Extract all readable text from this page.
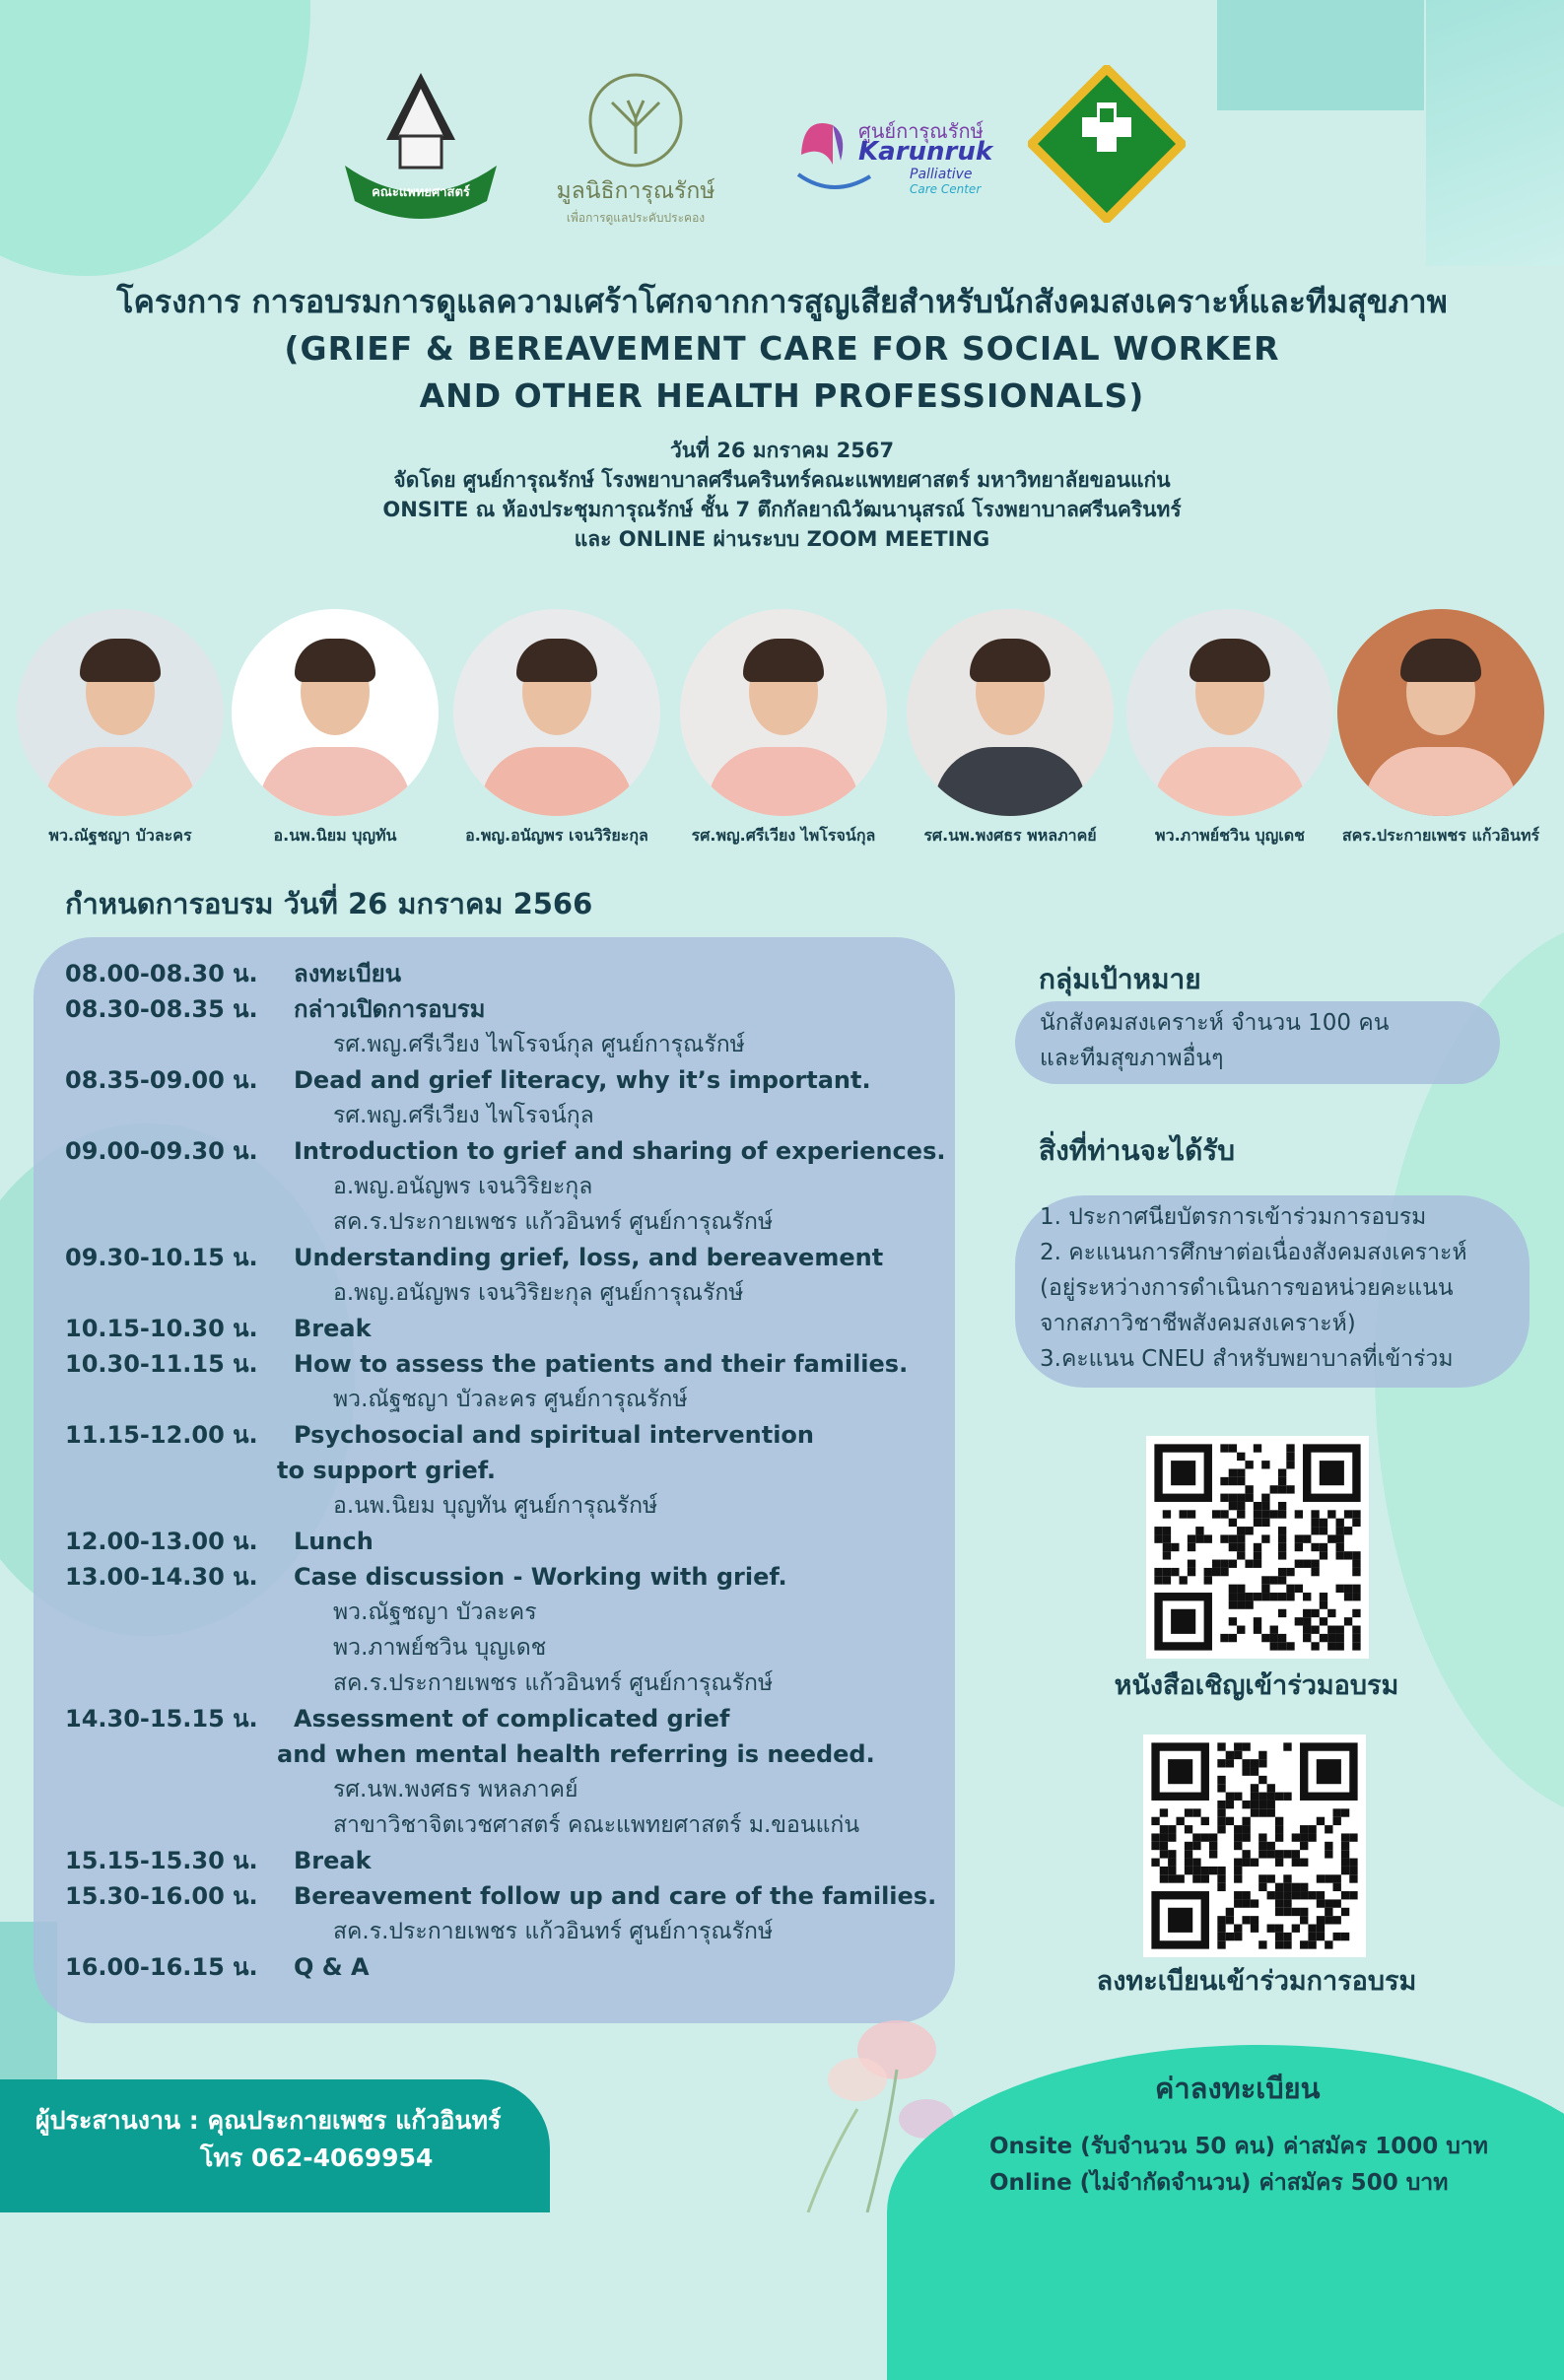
คณะแพทยศาสตร์	มูลนิธิการุณรักษ์
เพื่อการดูแลประคับประคอง
ศูนย์การุณรักษ์
Karunruk
Palliative
Care Center
โครงการ การอบรมการดูแลความเศร้าโศกจากการสูญเสียสำหรับนักสังคมสงเคราะห์และทีมสุขภาพ
(GRIEF & BEREAVEMENT CARE FOR SOCIAL WORKER
AND OTHER HEALTH PROFESSIONALS)
วันที่ 26 มกราคม 2567
จัดโดย ศูนย์การุณรักษ์ โรงพยาบาลศรีนครินทร์คณะแพทยศาสตร์ มหาวิทยาลัยขอนแก่น
ONSITE ณ ห้องประชุมการุณรักษ์ ชั้น 7 ตึกกัลยาณิวัฒนานุสรณ์ โรงพยาบาลศรีนครินทร์
และ ONLINE ผ่านระบบ ZOOM MEETING
พว.ณัฐชญา บัวละคร	อ.นพ.นิยม บุญทัน	อ.พญ.อนัญพร เจนวิริยะกุล	รศ.พญ.ศรีเวียง ไพโรจน์กุล	รศ.นพ.พงศธร พหลภาคย์	พว.ภาพย์ชวิน บุญเดช	สคร.ประกายเพชร แก้วอินทร์
กำหนดการอบรม วันที่ 26 มกราคม 2566
08.00-08.30 น. ลงทะเบียน
08.30-08.35 น. กล่าวเปิดการอบรม
รศ.พญ.ศรีเวียง ไพโรจน์กุล ศูนย์การุณรักษ์
08.35-09.00 น. Dead and grief literacy, why it’s important.
รศ.พญ.ศรีเวียง ไพโรจน์กุล
09.00-09.30 น. Introduction to grief and sharing of experiences.
อ.พญ.อนัญพร เจนวิริยะกุล
สค.ร.ประกายเพชร แก้วอินทร์ ศูนย์การุณรักษ์
09.30-10.15 น. Understanding grief, loss, and bereavement
อ.พญ.อนัญพร เจนวิริยะกุล ศูนย์การุณรักษ์
10.15-10.30 น. Break
10.30-11.15 น. How to assess the patients and their families.
พว.ณัฐชญา บัวละคร ศูนย์การุณรักษ์
11.15-12.00 น. Psychosocial and spiritual intervention
to support grief.
อ.นพ.นิยม บุญทัน ศูนย์การุณรักษ์
12.00-13.00 น. Lunch
13.00-14.30 น. Case discussion - Working with grief.
พว.ณัฐชญา บัวละคร
พว.ภาพย์ชวิน บุญเดช
สค.ร.ประกายเพชร แก้วอินทร์ ศูนย์การุณรักษ์
14.30-15.15 น. Assessment of complicated grief
and when mental health referring is needed.
รศ.นพ.พงศธร พหลภาคย์
สาขาวิชาจิตเวชศาสตร์ คณะแพทยศาสตร์ ม.ขอนแก่น
15.15-15.30 น. Break
15.30-16.00 น. Bereavement follow up and care of the families.
สค.ร.ประกายเพชร แก้วอินทร์ ศูนย์การุณรักษ์
16.00-16.15 น. Q & A
กลุ่มเป้าหมาย
นักสังคมสงเคราะห์ จำนวน 100 คน
และทีมสุขภาพอื่นๆ
สิ่งที่ท่านจะได้รับ
1. ประกาศนียบัตรการเข้าร่วมการอบรม
2. คะแนนการศึกษาต่อเนื่องสังคมสงเคราะห์
(อยู่ระหว่างการดำเนินการขอหน่วยคะแนน
จากสภาวิชาชีพสังคมสงเคราะห์)
3.คะแนน CNEU สำหรับพยาบาลที่เข้าร่วม
หนังสือเชิญเข้าร่วมอบรม
ลงทะเบียนเข้าร่วมการอบรม
ผู้ประสานงาน : คุณประกายเพชร แก้วอินทร์
โทร 062-4069954
ค่าลงทะเบียน
Onsite (รับจำนวน 50 คน) ค่าสมัคร 1000 บาท
Online (ไม่จำกัดจำนวน) ค่าสมัคร 500 บาท
